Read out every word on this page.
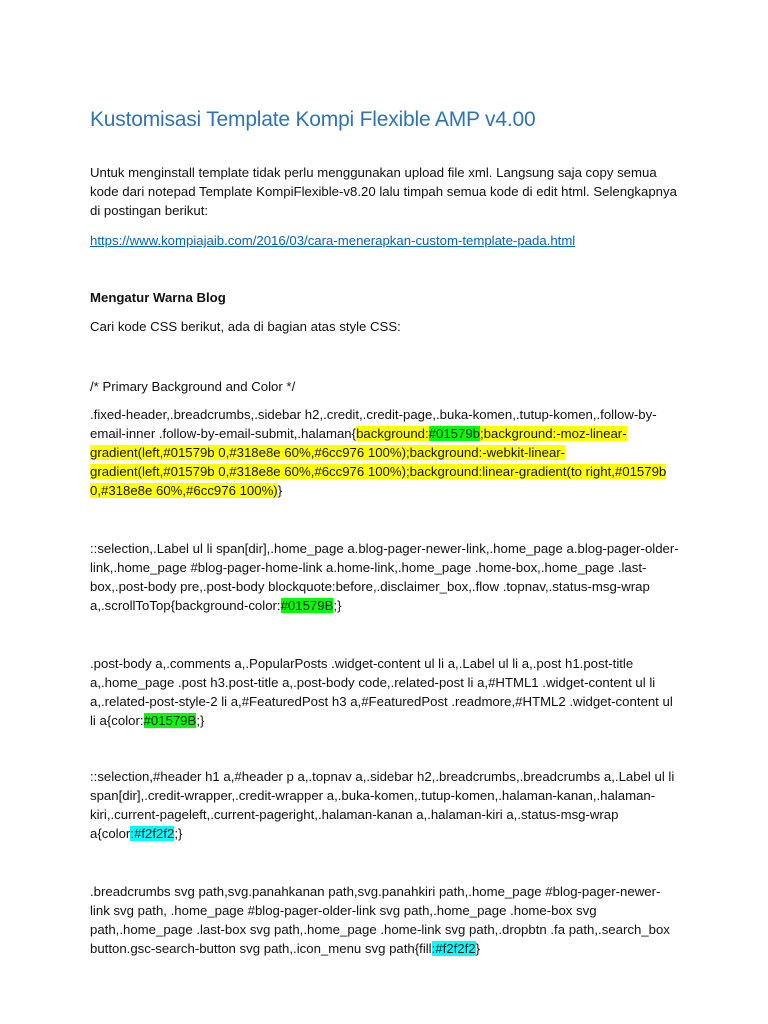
Kustomisasi Template Kompi Flexible AMP v4.00

Untuk menginstall template tidak perlu menggunakan upload file xml. Langsung saja copy semua kode dari notepad Template KompiFlexible-v8.20 lalu timpah semua kode di edit html. Selengkapnya di postingan berikut:

https://www.kompiajaib.com/2016/03/cara-menerapkan-custom-template-pada.html

Mengatur Warna Blog

Cari kode CSS berikut, ada di bagian atas style CSS:

/* Primary Background and Color */

.fixed-header,.breadcrumbs,.sidebar h2,.credit,.credit-page,.buka-komen,.tutup-komen,.follow-by-email-inner .follow-by-email-submit,.halaman{background:#01579b;background:-moz-linear-gradient(left,#01579b 0,#318e8e 60%,#6cc976 100%);background:-webkit-linear-gradient(left,#01579b 0,#318e8e 60%,#6cc976 100%);background:linear-gradient(to right,#01579b 0,#318e8e 60%,#6cc976 100%)}

::selection,.Label ul li span[dir],.home_page a.blog-pager-newer-link,.home_page a.blog-pager-older-link,.home_page #blog-pager-home-link a.home-link,.home_page .home-box,.home_page .last-box,.post-body pre,.post-body blockquote:before,.disclaimer_box,.flow .topnav,.status-msg-wrap a,.scrollToTop{background-color:#01579B;}

.post-body a,.comments a,.PopularPosts .widget-content ul li a,.Label ul li a,.post h1.post-title a,.home_page .post h3.post-title a,.post-body code,.related-post li a,#HTML1 .widget-content ul li a,.related-post-style-2 li a,#FeaturedPost h3 a,#FeaturedPost .readmore,#HTML2 .widget-content ul li a{color:#01579B;}

::selection,#header h1 a,#header p a,.topnav a,.sidebar h2,.breadcrumbs,.breadcrumbs a,.Label ul li span[dir],.credit-wrapper,.credit-wrapper a,.buka-komen,.tutup-komen,.halaman-kanan,.halaman-kiri,.current-pageleft,.current-pageright,.halaman-kanan a,.halaman-kiri a,.status-msg-wrap a{color:#f2f2f2;}

.breadcrumbs svg path,svg.panahkanan path,svg.panahkiri path,.home_page #blog-pager-newer-link svg path, .home_page #blog-pager-older-link svg path,.home_page .home-box svg path,.home_page .last-box svg path,.home_page .home-link svg path,.dropbtn .fa path,.search_box button.gsc-search-button svg path,.icon_menu svg path{fill:#f2f2f2}
